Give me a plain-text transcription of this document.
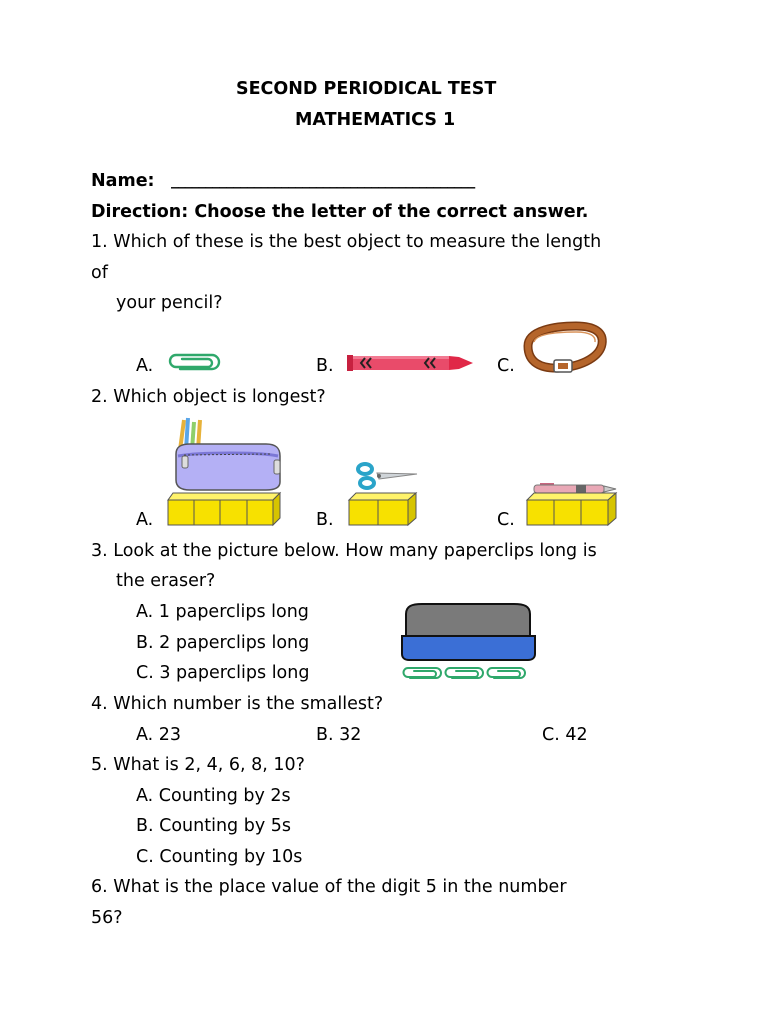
SECOND PERIODICAL TEST
MATHEMATICS 1
Name: ____________________________________________
Direction: Choose the letter of the correct answer.
1. Which of these is the best object to measure the length
of
your pencil?
A.	B.	C.
2. Which object is longest?
A.	B.	C.
3. Look at the picture below. How many paperclips long is
the eraser?
A. 1 paperclips long
B. 2 paperclips long
C. 3 paperclips long
4. Which number is the smallest?
A. 23	B. 32	C. 42
5. What is 2, 4, 6, 8, 10?
A. Counting by 2s
B. Counting by 5s
C. Counting by 10s
6. What is the place value of the digit 5 in the number
56?
